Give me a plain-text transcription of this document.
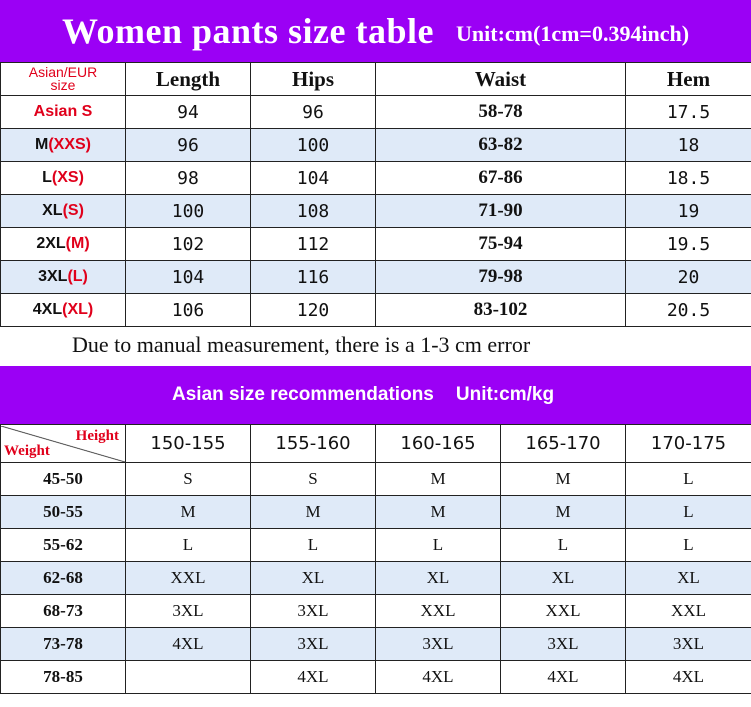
Women pants size table Unit:cm(1cm=0.394inch)
Asian/EUR size	Length	Hips	Waist	Hem
Asian S	94	96	58-78	17.5
M(XXS)	96	100	63-82	18
L(XS)	98	104	67-86	18.5
XL(S)	100	108	71-90	19
2XL(M)	102	112	75-94	19.5
3XL(L)	104	116	79-98	20
4XL(XL)	106	120	83-102	20.5
Due to manual measurement, there is a 1-3 cm error
Asian size recommendations Unit:cm/kg
Height
Weight	150-155	155-160	160-165	165-170	170-175
45-50	S	S	M	M	L
50-55	M	M	M	M	L
55-62	L	L	L	L	L
62-68	XXL	XL	XL	XL	XL
68-73	3XL	3XL	XXL	XXL	XXL
73-78	4XL	3XL	3XL	3XL	3XL
78-85		4XL	4XL	4XL	4XL
